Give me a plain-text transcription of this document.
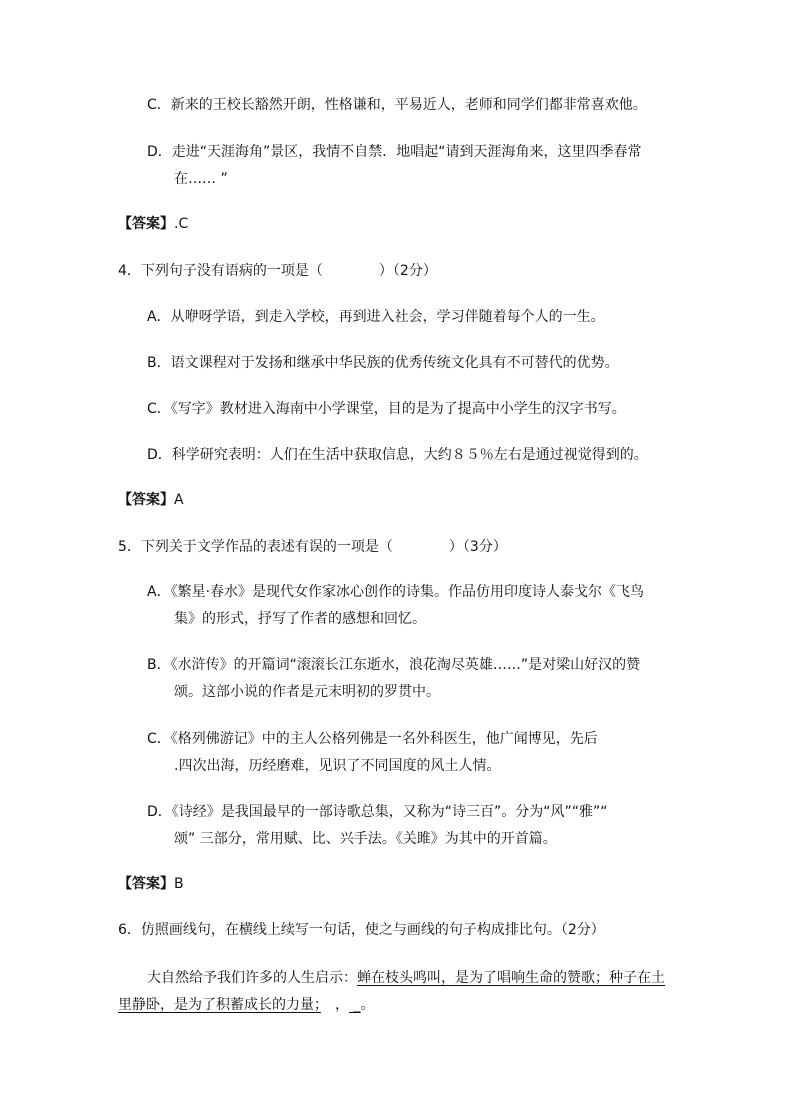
C．新来的王校长豁然开朗，性格谦和，平易近人，老师和同学们都非常喜欢他。
D．走进“天涯海角”景区，我情不自禁．地唱起“请到天涯海角来，这里四季春常
在…… ”
【答案】.C
4．下列句子没有语病的一项是（　　　　）（2分）
A．从咿呀学语，到走入学校，再到进入社会，学习伴随着每个人的一生。
B．语文课程对于发扬和继承中华民族的优秀传统文化具有不可替代的优势。
C．《写字》教材进入海南中小学课堂，目的是为了提高中小学生的汉字书写。
D．科学研究表明：人们在生活中获取信息，大约８５％左右是通过视觉得到的。
【答案】A
5．下列关于文学作品的表述有误的一项是（　　　　）（3分）
A．《繁星·春水》是现代女作家冰心创作的诗集。作品仿用印度诗人泰戈尔《飞鸟
集》的形式，抒写了作者的感想和回忆。
B．《水浒传》的开篇词“滚滚长江东逝水，浪花淘尽英雄……”是对梁山好汉的赞
颂。这部小说的作者是元末明初的罗贯中。
C．《格列佛游记》中的主人公格列佛是一名外科医生，他广闻博见，先后
.四次出海，历经磨难，见识了不同国度的风土人情。
D．《诗经》是我国最早的一部诗歌总集，又称为“诗三百”。分为“风”“雅”“
颂” 三部分，常用赋、比、兴手法。《关雎》为其中的开首篇。
【答案】B
6．仿照画线句，在横线上续写一句话，使之与画线的句子构成排比句。（2分）
大自然给予我们许多的人生启示：蝉在枝头鸣叫，是为了唱响生命的赞歌；种子在土
里静卧，是为了积蓄成长的力量；　， _。
